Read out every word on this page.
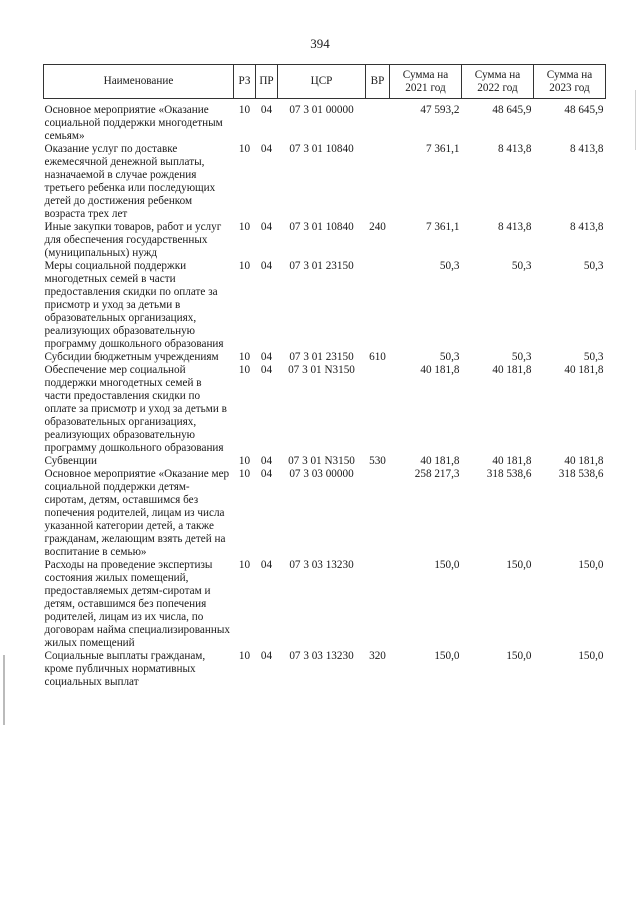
394
Наименование	РЗ	ПР	ЦСР	ВР	Сумма на 2021 год	Сумма на 2022 год	Сумма на 2023 год
Основное мероприятие «Оказание социальной поддержки многодетным семьям»	10	04	07 3 01 00000		47 593,2	48 645,9	48 645,9
Оказание услуг по доставке ежемесячной денежной выплаты, назначаемой в случае рождения третьего ребенка или последующих детей до достижения ребенком возраста трех лет	10	04	07 3 01 10840		7 361,1	8 413,8	8 413,8
Иные закупки товаров, работ и услуг для обеспечения государственных (муниципальных) нужд	10	04	07 3 01 10840	240	7 361,1	8 413,8	8 413,8
Меры социальной поддержки многодетных семей в части предоставления скидки по оплате за присмотр и уход за детьми в образовательных организациях, реализующих образовательную программу дошкольного образования	10	04	07 3 01 23150		50,3	50,3	50,3
Субсидии бюджетным учреждениям	10	04	07 3 01 23150	610	50,3	50,3	50,3
Обеспечение мер социальной поддержки многодетных семей в части предоставления скидки по оплате за присмотр и уход за детьми в образовательных организациях, реализующих образовательную программу дошкольного образования	10	04	07 3 01 N3150		40 181,8	40 181,8	40 181,8
Субвенции	10	04	07 3 01 N3150	530	40 181,8	40 181,8	40 181,8
Основное мероприятие «Оказание мер социальной поддержки детям-сиротам, детям, оставшимся без попечения родителей, лицам из числа указанной категории детей, а также гражданам, желающим взять детей на воспитание в семью»	10	04	07 3 03 00000		258 217,3	318 538,6	318 538,6
Расходы на проведение экспертизы состояния жилых помещений, предоставляемых детям-сиротам и детям, оставшимся без попечения родителей, лицам из их числа, по договорам найма специализированных жилых помещений	10	04	07 3 03 13230		150,0	150,0	150,0
Социальные выплаты гражданам, кроме публичных нормативных социальных выплат	10	04	07 3 03 13230	320	150,0	150,0	150,0
